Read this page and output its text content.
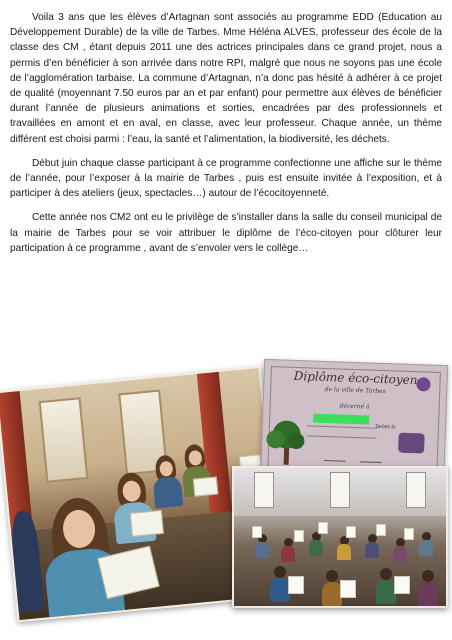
Voila 3 ans que les élèves d’Artagnan sont associés au programme EDD (Education au Développement Durable) de la ville de Tarbes. Mme Héléna ALVES, professeur des école de la classe des CM , étant depuis 2011 une des actrices principales dans ce grand projet, nous a permis d’en bénéficier à son arrivée dans notre RPI, malgré que nous ne soyons pas une école de l’agglomération tarbaise. La commune d’Artagnan, n’a donc pas hésité à adhérer à ce projet de qualité (moyennant 7.50 euros par an et par enfant) pour permettre aux élèves de bénéficier durant l’année de plusieurs animations et sorties, encadrées par des professionnels et travaillées en amont et en aval, en classe, avec leur professeur. Chaque année, un thème différent est choisi parmi : l’eau, la santé et l’alimentation, la biodiversité, les déchets.

Début juin chaque classe participant à ce programme confectionne une affiche sur le thème de l’année, pour l’exposer à la mairie de Tarbes , puis est ensuite invitée à l’exposition, et à participer à des ateliers (jeux, spectacles…) autour de l’écocitoyenneté.

Cette année nos CM2 ont eu le privilège de s’installer dans la salle du conseil municipal de la mairie de Tarbes pour se voir attribuer le diplôme de l’éco-citoyen pour clôturer leur participation à ce programme , avant de s’envoler vers le collège…

Diplôme éco-citoyen
de la ville de Tarbes
décerné à
Tarbes le
